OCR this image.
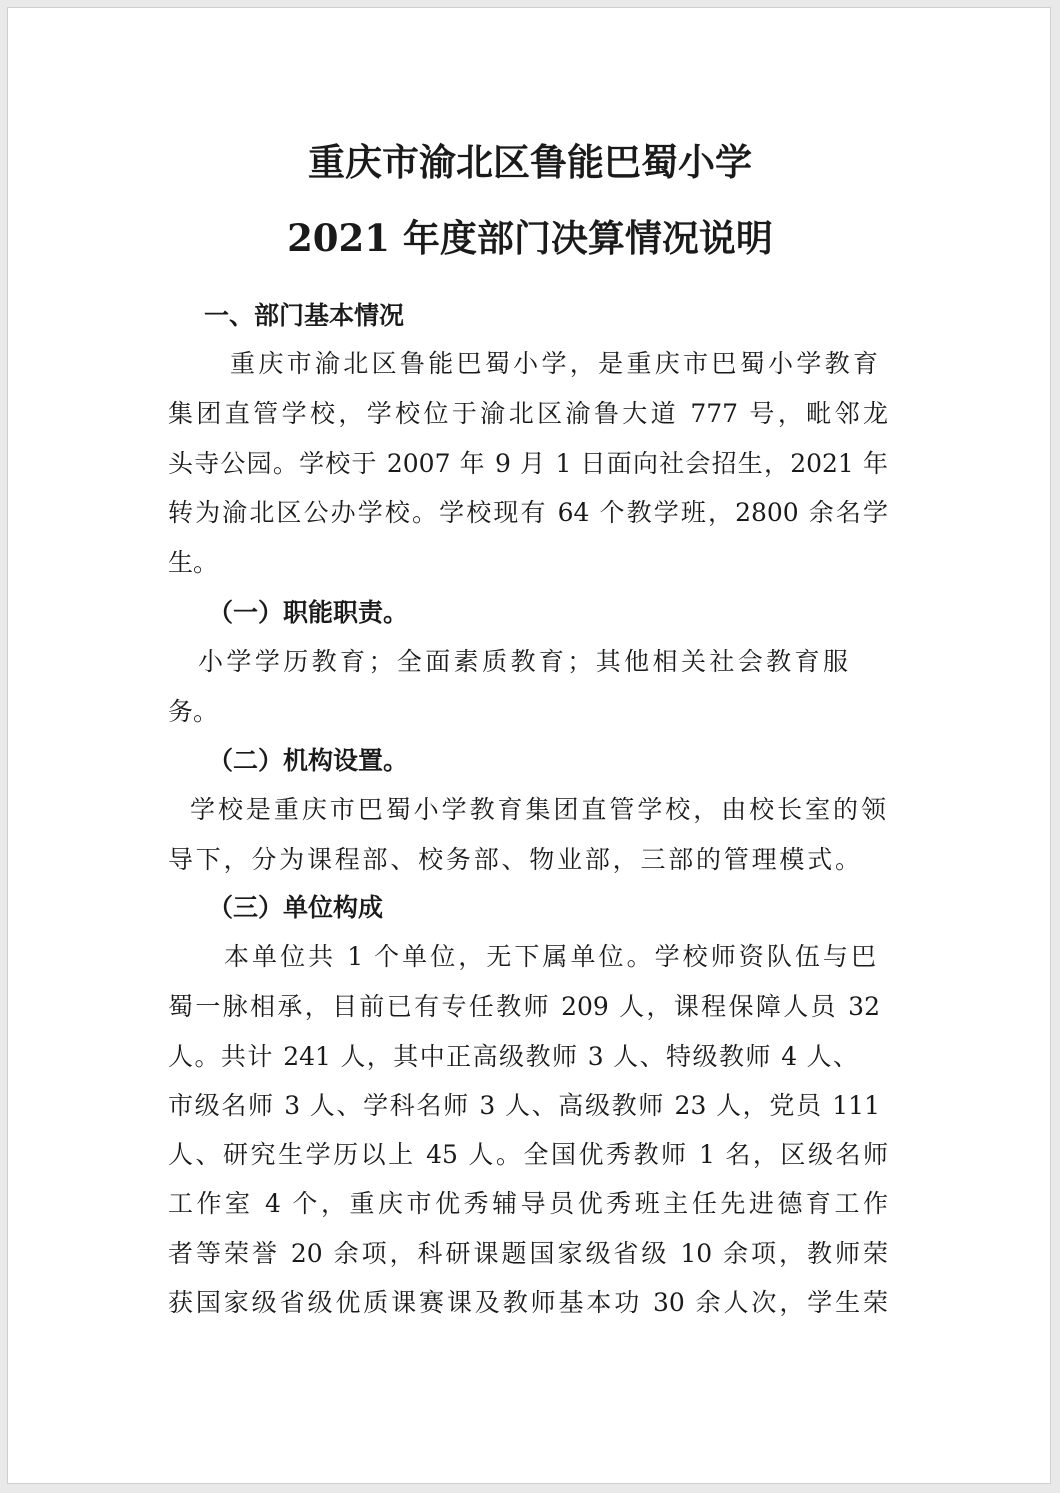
重庆市渝北区鲁能巴蜀小学
2021 年度部门决算情况说明
一、部门基本情况
重庆市渝北区鲁能巴蜀小学，是重庆市巴蜀小学教育
集团直管学校，学校位于渝北区渝鲁大道 777 号，毗邻龙
头寺公园。学校于 2007 年 9 月 1 日面向社会招生，2021 年
转为渝北区公办学校。学校现有 64 个教学班，2800 余名学
生。
（一）职能职责。
小学学历教育；全面素质教育；其他相关社会教育服
务。
（二）机构设置。
学校是重庆市巴蜀小学教育集团直管学校，由校长室的领
导下，分为课程部、校务部、物业部，三部的管理模式。
（三）单位构成
本单位共 1 个单位，无下属单位。学校师资队伍与巴
蜀一脉相承，目前已有专任教师 209 人，课程保障人员 32
人。共计 241 人，其中正高级教师 3 人、特级教师 4 人、
市级名师 3 人、学科名师 3 人、高级教师 23 人，党员 111
人、研究生学历以上 45 人。全国优秀教师 1 名，区级名师
工作室 4 个，重庆市优秀辅导员优秀班主任先进德育工作
者等荣誉 20 余项，科研课题国家级省级 10 余项，教师荣
获国家级省级优质课赛课及教师基本功 30 余人次，学生荣
